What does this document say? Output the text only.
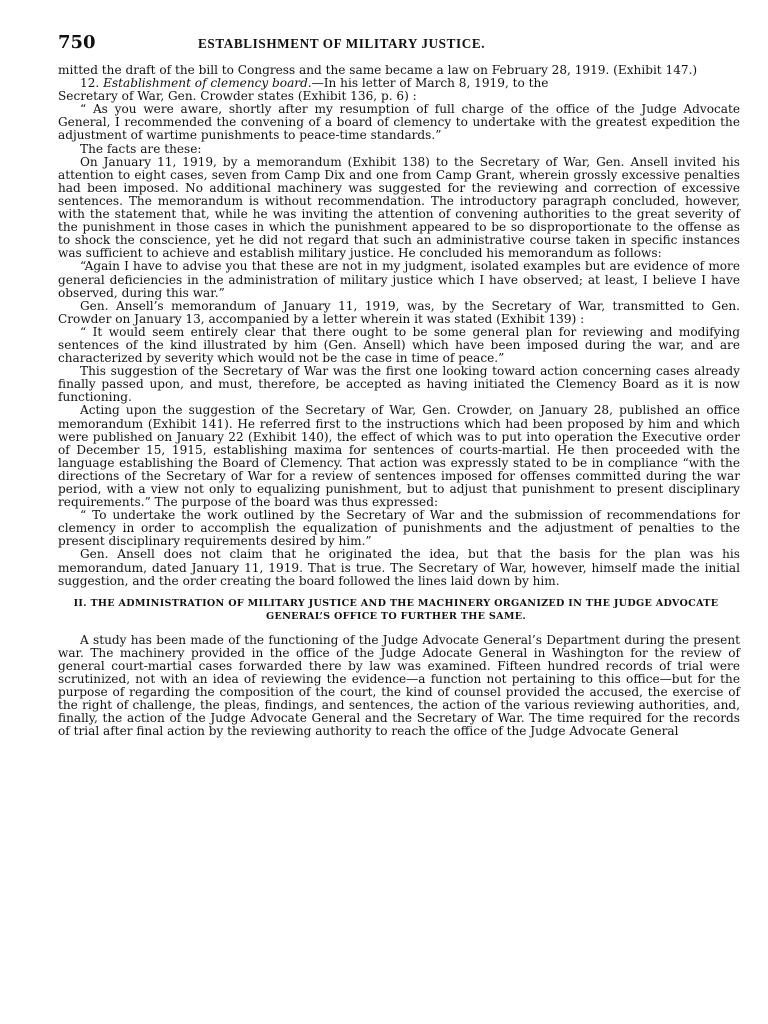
750	ESTABLISHMENT OF MILITARY JUSTICE.

mitted the draft of the bill to Congress and the same became a law on February 28, 1919. (Exhibit 147.)

12. Establishment of clemency board.—In his letter of March 8, 1919, to the

Secretary of War, Gen. Crowder states (Exhibit 136, p. 6) :

“ As you were aware, shortly after my resumption of full charge of the office of the Judge Advocate General, I recommended the convening of a board of clemency to undertake with the greatest expedition the adjustment of wartime punishments to peace-time standards.”

The facts are these:

On January 11, 1919, by a memorandum (Exhibit 138) to the Secretary of War, Gen. Ansell invited his attention to eight cases, seven from Camp Dix and one from Camp Grant, wherein grossly excessive penalties had been imposed. No additional machinery was suggested for the reviewing and correction of excessive sentences. The memorandum is without recommendation. The introductory paragraph concluded, however, with the statement that, while he was inviting the attention of convening authorities to the great severity of the punishment in those cases in which the punishment appeared to be so disproportionate to the offense as to shock the conscience, yet he did not regard that such an administrative course taken in specific instances was sufficient to achieve and establish military justice. He concluded his memorandum as follows:

“Again I have to advise you that these are not in my judgment, isolated examples but are evidence of more general deficiencies in the administration of military justice which I have observed; at least, I believe I have observed, during this war.”

Gen. Ansell’s memorandum of January 11, 1919, was, by the Secretary of War, transmitted to Gen. Crowder on January 13, accompanied by a letter wherein it was stated (Exhibit 139) :

“ It would seem entirely clear that there ought to be some general plan for reviewing and modifying sentences of the kind illustrated by him (Gen. Ansell) which have been imposed during the war, and are characterized by severity which would not be the case in time of peace.”

This suggestion of the Secretary of War was the first one looking toward action concerning cases already finally passed upon, and must, therefore, be accepted as having initiated the Clemency Board as it is now functioning.

Acting upon the suggestion of the Secretary of War, Gen. Crowder, on January 28, published an office memorandum (Exhibit 141). He referred first to the instructions which had been proposed by him and which were published on January 22 (Exhibit 140), the effect of which was to put into operation the Executive order of December 15, 1915, establishing maxima for sentences of courts-martial. He then proceeded with the language establishing the Board of Clemency. That action was expressly stated to be in compliance “with the directions of the Secretary of War for a review of sentences imposed for offenses committed during the war period, with a view not only to equalizing punishment, but to adjust that punishment to present disciplinary requirements.” The purpose of the board was thus expressed:

“ To undertake the work outlined by the Secretary of War and the submission of recommendations for clemency in order to accomplish the equalization of punishments and the adjustment of penalties to the present disciplinary requirements desired by him.”

Gen. Ansell does not claim that he originated the idea, but that the basis for the plan was his memorandum, dated January 11, 1919. That is true. The Secretary of War, however, himself made the initial suggestion, and the order creating the board followed the lines laid down by him.

II. THE ADMINISTRATION OF MILITARY JUSTICE AND THE MACHINERY ORGANIZED IN THE JUDGE ADVOCATE GENERAL’S OFFICE TO FURTHER THE SAME.

A study has been made of the functioning of the Judge Advocate General’s Department during the present war. The machinery provided in the office of the Judge Adocate General in Washington for the review of general court-martial cases forwarded there by law was examined. Fifteen hundred records of trial were scrutinized, not with an idea of reviewing the evidence—a function not pertaining to this office—but for the purpose of regarding the composition of the court, the kind of counsel provided the accused, the exercise of the right of challenge, the pleas, findings, and sentences, the action of the various reviewing authorities, and, finally, the action of the Judge Advocate General and the Secretary of War. The time required for the records of trial after final action by the reviewing authority to reach the office of the Judge Advocate General
